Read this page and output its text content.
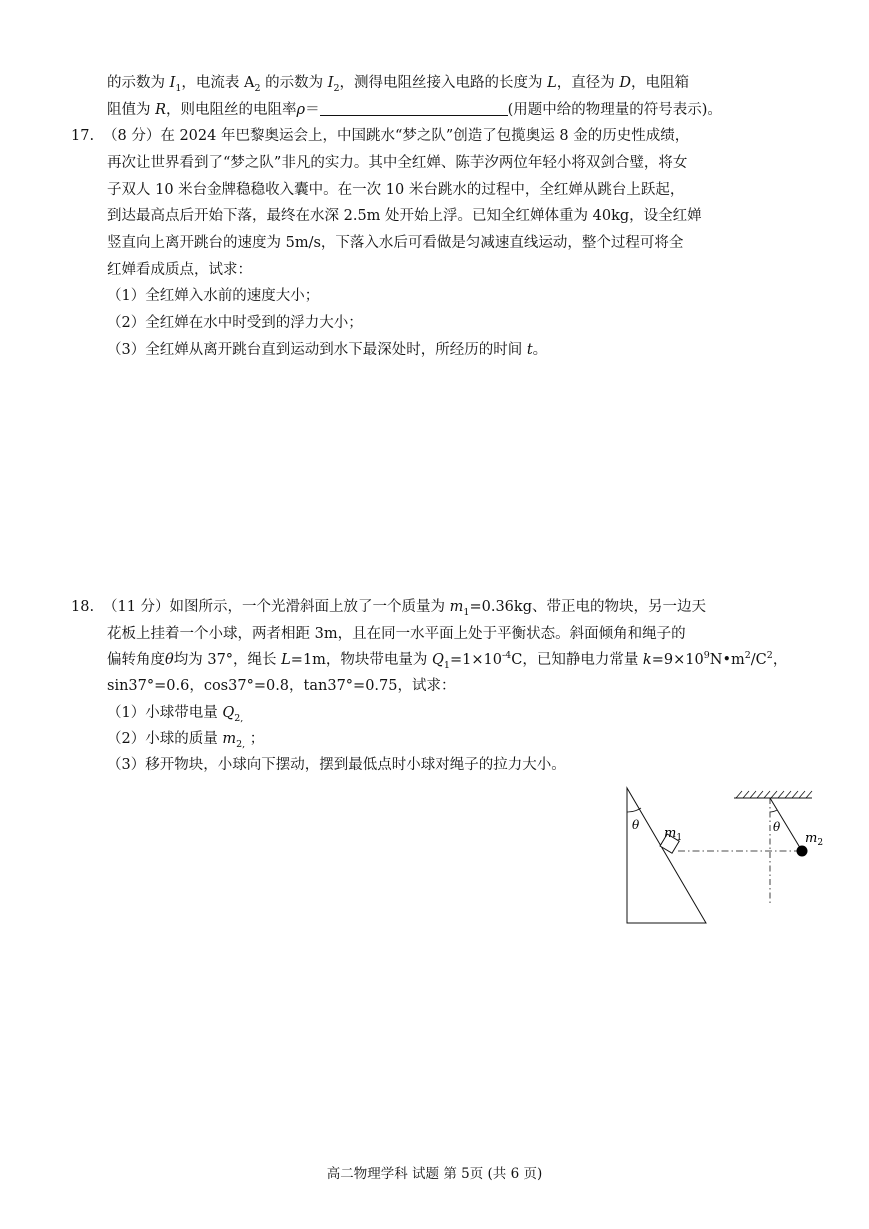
的示数为 $I_1$，电流表 $A_2$ 的示数为 $I_2$，测得电阻丝接入电路的长度为 L，直径为 D，电阻箱
阻值为 R，则电阻丝的电阻率ρ＝	(用题中给的物理量的符号表示)。
17. （8 分）在 2024 年巴黎奥运会上，中国跳水“梦之队”创造了包揽奥运 8 金的历史性成绩，
再次让世界看到了“梦之队”非凡的实力。其中全红婵、陈芋汐两位年轻小将双剑合璧，将女
子双人 10 米台金牌稳稳收入囊中。在一次 10 米台跳水的过程中，全红婵从跳台上跃起，
到达最高点后开始下落，最终在水深 2.5m 处开始上浮。已知全红婵体重为 40kg，设全红婵
竖直向上离开跳台的速度为 5m/s，下落入水后可看做是匀减速直线运动，整个过程可将全
红婵看成质点，试求：
（1）全红婵入水前的速度大小；
（2）全红婵在水中时受到的浮力大小；
（3）全红婵从离开跳台直到运动到水下最深处时，所经历的时间 t。
18. （11 分）如图所示，一个光滑斜面上放了一个质量为 $m_1=0.36kg$、带正电的物块，另一边天
花板上挂着一个小球，两者相距 3m，且在同一水平面上处于平衡状态。斜面倾角和绳子的
偏转角度θ均为 37°，绳长 L=1m，物块带电量为 $Q_1=1\times 10^{-4}C$，已知静电力常量 $k=9\times 10^9N•m^2/C^2$，
sin37°=0.6，cos37°=0.8，tan37°=0.75，试求：
（1）小球带电量 $Q_{2,}$
（2）小球的质量 $m_{2,}$ ；
（3）移开物块，小球向下摆动，摆到最低点时小球对绳子的拉力大小。
θ
$m_1$
θ
$m_2$
高二物理学科 试题 第 5页 (共 6 页)
